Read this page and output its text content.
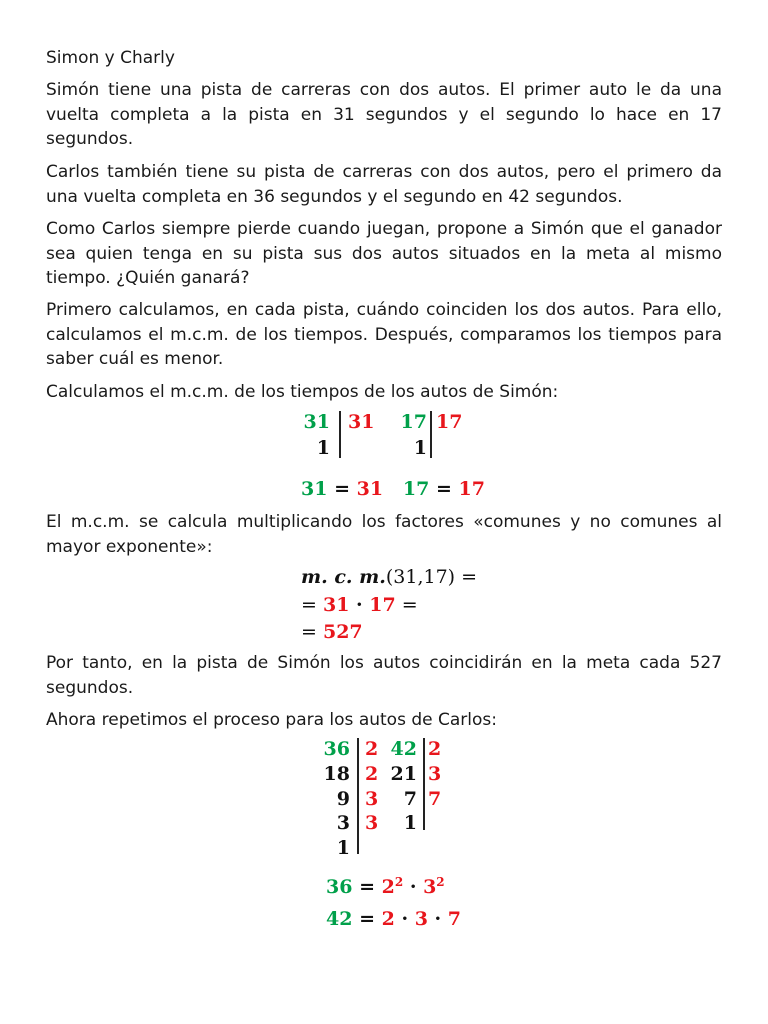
Simon y Charly

Simón tiene una pista de carreras con dos autos. El primer auto le da una vuelta completa a la pista en 31 segundos y el segundo lo hace en 17 segundos.

Carlos también tiene su pista de carreras con dos autos, pero el primero da una vuelta completa en 36 segundos y el segundo en 42 segundos.

Como Carlos siempre pierde cuando juegan, propone a Simón que el ganador sea quien tenga en su pista sus dos autos situados en la meta al mismo tiempo. ¿Quién ganará?

Primero calculamos, en cada pista, cuándo coinciden los dos autos. Para ello, calculamos el m.c.m. de los tiempos. Después, comparamos los tiempos para saber cuál es menor.

Calculamos el m.c.m. de los tiempos de los autos de Simón:

31
1
31	17
1
17
31 = 31 17 = 17

El m.c.m. se calcula multiplicando los factores «comunes y no comunes al mayor exponente»:

m. c. m.(31,17) =
= 31 · 17 =
= 527

Por tanto, en la pista de Simón los autos coincidirán en la meta cada 527 segundos.

Ahora repetimos el proceso para los autos de Carlos:

36
18
9
3
1
2
2
3
3
42
21
7
1
2
3
7
$36 = 2^2 \cdot 3^2$
42 = 2 · 3 · 7
